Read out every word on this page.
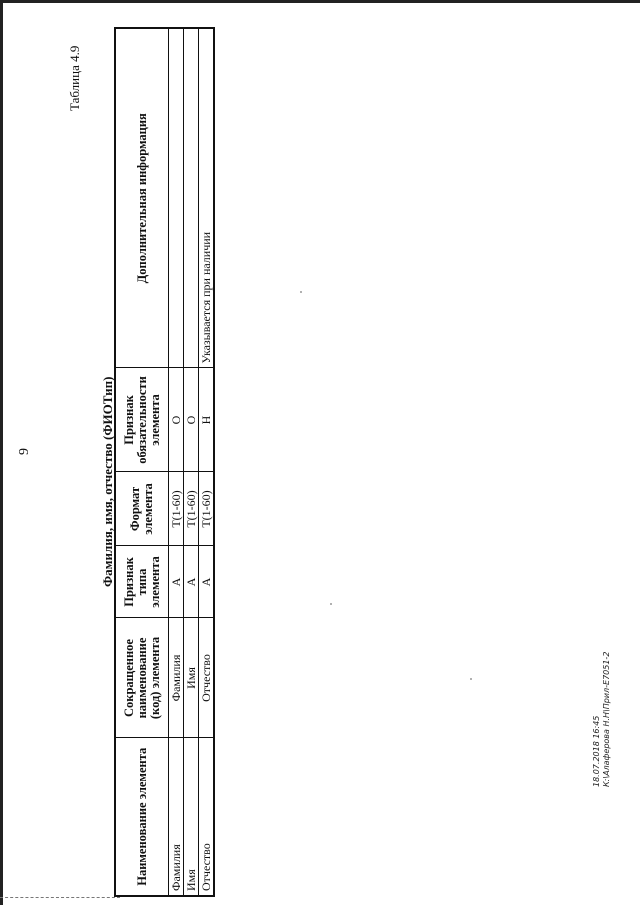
9
Таблица 4.9
Фамилия, имя, отчество (ФИОТип)
Наименование элемента	Сокращенное наименование (код) элемента	Признак типа элемента	Формат элемента	Признак обязательности элемента	Дополнительная информация
Фамилия	Фамилия	А	Т(1-60)	О	
Имя	Имя	А	Т(1-60)	О	
Отчество	Отчество	А	Т(1-60)	Н	Указывается при наличии
18.07.2018 16:45 К:\Алаферова Н.Н\Прил-Е7051-2
